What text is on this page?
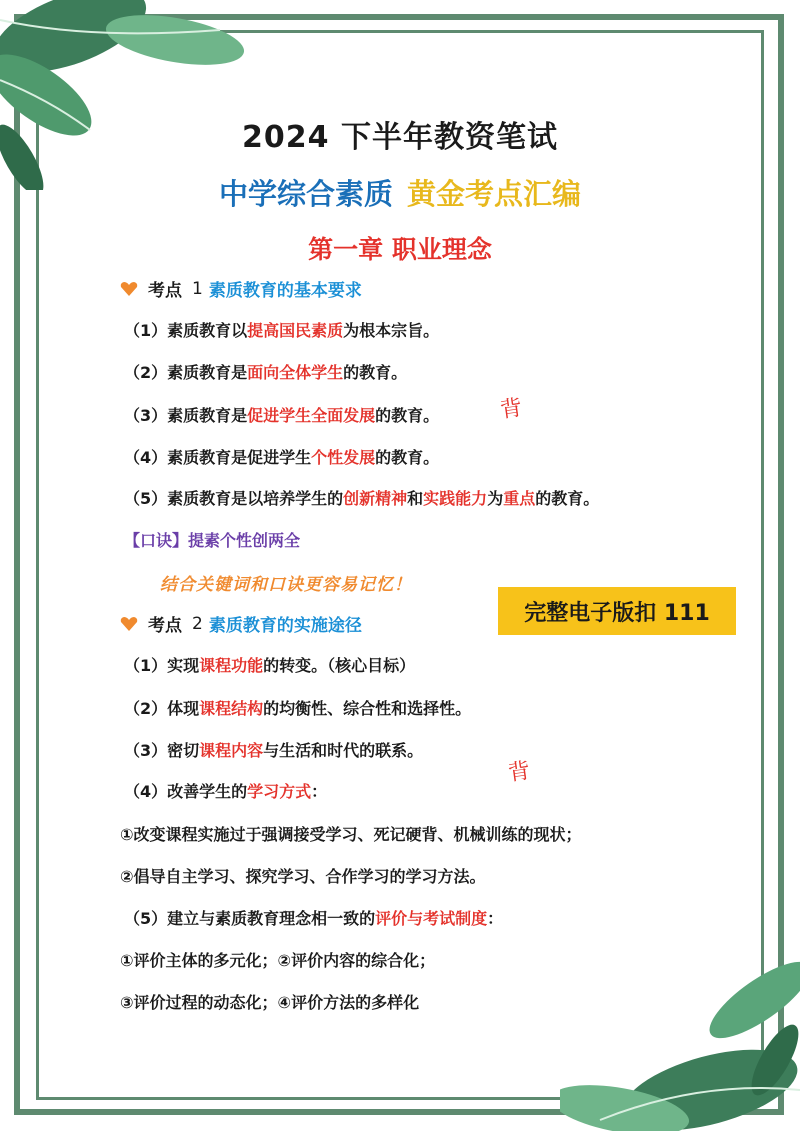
2024 下半年教资笔试
中学综合素质 黄金考点汇编
第一章 职业理念
考点 1 素质教育的基本要求
（1）素质教育以提高国民素质为根本宗旨。
（2）素质教育是面向全体学生的教育。
（3）素质教育是促进学生全面发展的教育。
（4）素质教育是促进学生个性发展的教育。
（5）素质教育是以培养学生的创新精神和实践能力为重点的教育。
背
【口诀】提素个性创两全
结合关键词和口诀更容易记忆！
完整电子版扣 111
考点 2 素质教育的实施途径
（1）实现课程功能的转变。（核心目标）
（2）体现课程结构的均衡性、综合性和选择性。
（3）密切课程内容与生活和时代的联系。
（4）改善学生的学习方式：
背
①改变课程实施过于强调接受学习、死记硬背、机械训练的现状；
②倡导自主学习、探究学习、合作学习的学习方法。
（5）建立与素质教育理念相一致的评价与考试制度：
①评价主体的多元化；②评价内容的综合化；
③评价过程的动态化；④评价方法的多样化
